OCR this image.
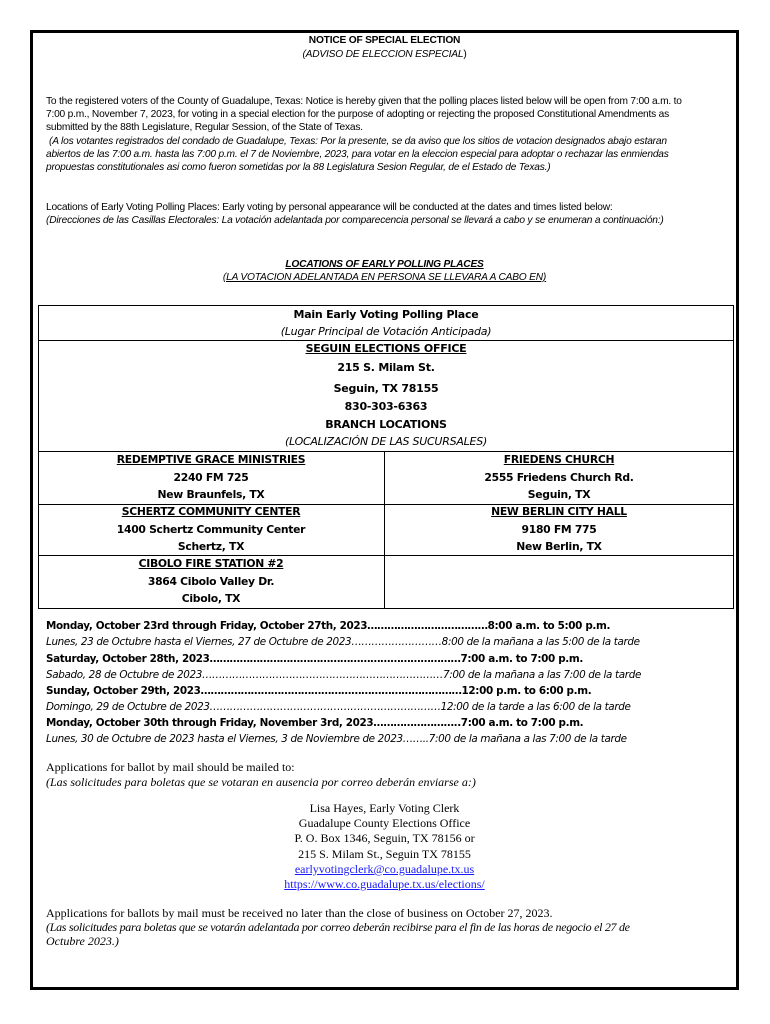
NOTICE OF SPECIAL ELECTION
(ADVISO DE ELECCION ESPECIAL)
To the registered voters of the County of Guadalupe, Texas: Notice is hereby given that the polling places listed below will be open from 7:00 a.m. to
7:00 p.m., November 7, 2023, for voting in a special election for the purpose of adopting or rejecting the proposed Constitutional Amendments as
submitted by the 88th Legislature, Regular Session, of the State of Texas.
(A los votantes registrados del condado de Guadalupe, Texas: Por la presente, se da aviso que los sitios de votacion designados abajo estaran
abiertos de las 7:00 a.m. hasta las 7:00 p.m. el 7 de Noviembre, 2023, para votar en la eleccion especial para adoptar o rechazar las enmiendas
propuestas constitutionales asi como fueron sometidas por la 88 Legislatura Sesion Regular, de el Estado de Texas.)
Locations of Early Voting Polling Places: Early voting by personal appearance will be conducted at the dates and times listed below:
(Direcciones de las Casillas Electorales: La votación adelantada por comparecencia personal se llevará a cabo y se enumeran a continuación:)
LOCATIONS OF EARLY POLLING PLACES
(LA VOTACION ADELANTADA EN PERSONA SE LLEVARA A CABO EN)
Main Early Voting Polling Place
(Lugar Principal de Votación Anticipada)
SEGUIN ELECTIONS OFFICE
215 S. Milam St.
Seguin, TX 78155
830-303-6363
BRANCH LOCATIONS
(LOCALIZACIÓN DE LAS SUCURSALES)
REDEMPTIVE GRACE MINISTRIES
2240 FM 725
New Braunfels, TX
FRIEDENS CHURCH
2555 Friedens Church Rd.
Seguin, TX
SCHERTZ COMMUNITY CENTER
1400 Schertz Community Center
Schertz, TX
NEW BERLIN CITY HALL
9180 FM 775
New Berlin, TX
CIBOLO FIRE STATION #2
3864 Cibolo Valley Dr.
Cibolo, TX
Monday, October 23rd through Friday, October 27th, 2023………………………………8:00 a.m. to 5:00 p.m.
Lunes, 23 de Octubre hasta el Viernes, 27 de Octubre de 2023………………………8:00 de la mañana a las 5:00 de la tarde
Saturday, October 28th, 2023…………………………………………………………………7:00 a.m. to 7:00 p.m.
Sabado, 28 de Octubre de 2023………………………………………………………………7:00 de la mañana a las 7:00 de la tarde
Sunday, October 29th, 2023……………………………………………………………………12:00 p.m. to 6:00 p.m.
Domingo, 29 de Octubre de 2023……………………………………………………………12:00 de la tarde a las 6:00 de la tarde
Monday, October 30th through Friday, November 3rd, 2023……………………..7:00 a.m. to 7:00 p.m.
Lunes, 30 de Octubre de 2023 hasta el Viernes, 3 de Noviembre de 2023……..7:00 de la mañana a las 7:00 de la tarde
Applications for ballot by mail should be mailed to:
(Las solicitudes para boletas que se votaran en ausencia por correo deberán enviarse a:)
Lisa Hayes, Early Voting Clerk
Guadalupe County Elections Office
P. O. Box 1346, Seguin, TX 78156 or
215 S. Milam St., Seguin TX 78155
earlyvotingclerk@co.guadalupe.tx.us
https://www.co.guadalupe.tx.us/elections/
Applications for ballots by mail must be received no later than the close of business on October 27, 2023.
(Las solicitudes para boletas que se votarán adelantada por correo deberán recibirse para el fin de las horas de negocio el 27 de
Octubre 2023.)
